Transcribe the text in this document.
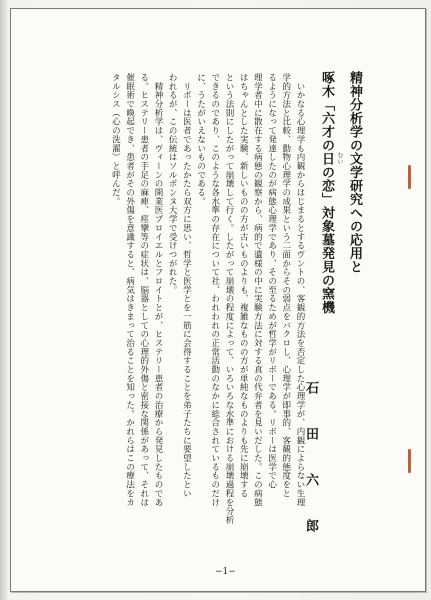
精神分析学の文学研究への応用と
啄木「六才の日 むい
の恋」対象墓発見の窯機
石　田　六　郎
　いかなる心理学も内観からはじまるとするヴントの、客観的方法を否定した心理学が、内観によらない生理
学的方法と比較、動物心理学の成果という二面からその弱点をバクロし、心理学が即事的、客観的態度をと
るようになって発達したのが病態心理学であり、その至るためが哲学がリボーである。リボーは医学で心
理学者中に散在する病態の観察から、病的で遺様の中に実験方法に対する真の代弁者を見いだした。この病態
はちゃんとした実験、新しいものの方が古いものよりも、複雑なものの方が単純なものよりも先に崩壊する
という法則にしたがって崩壊して行く。したがって崩壊の程度によって、いろいろな水準における崩壊過程を分析
できるのであり、このような各水準の存在について社、われわれの正常活動のなかに総合されているものだけ
に、うたがいえないものである。
　リボーは医者であったかたら双方に思い、哲学と医学とを一筋に会得することを弟子たちに要望したとい
われるが、この伝統はソルボンヌ大学で受けつがれた。
　精神分析学は、ヴィーンの開業医ブロイエルとフロイトとが、ヒステリー患者の治療から発見したものであ
る。ヒステリー患者の手足の麻痺、痙攣等の症状は、脳器としての心理的外傷と密接な関係があって、それは
催眠術で喚起でき、患者がその外傷を意識すると、病気はきまって治ることを知った。かれらはこの療法をカ
タルシス（心の洗濯）と呼んだ。
−1−
